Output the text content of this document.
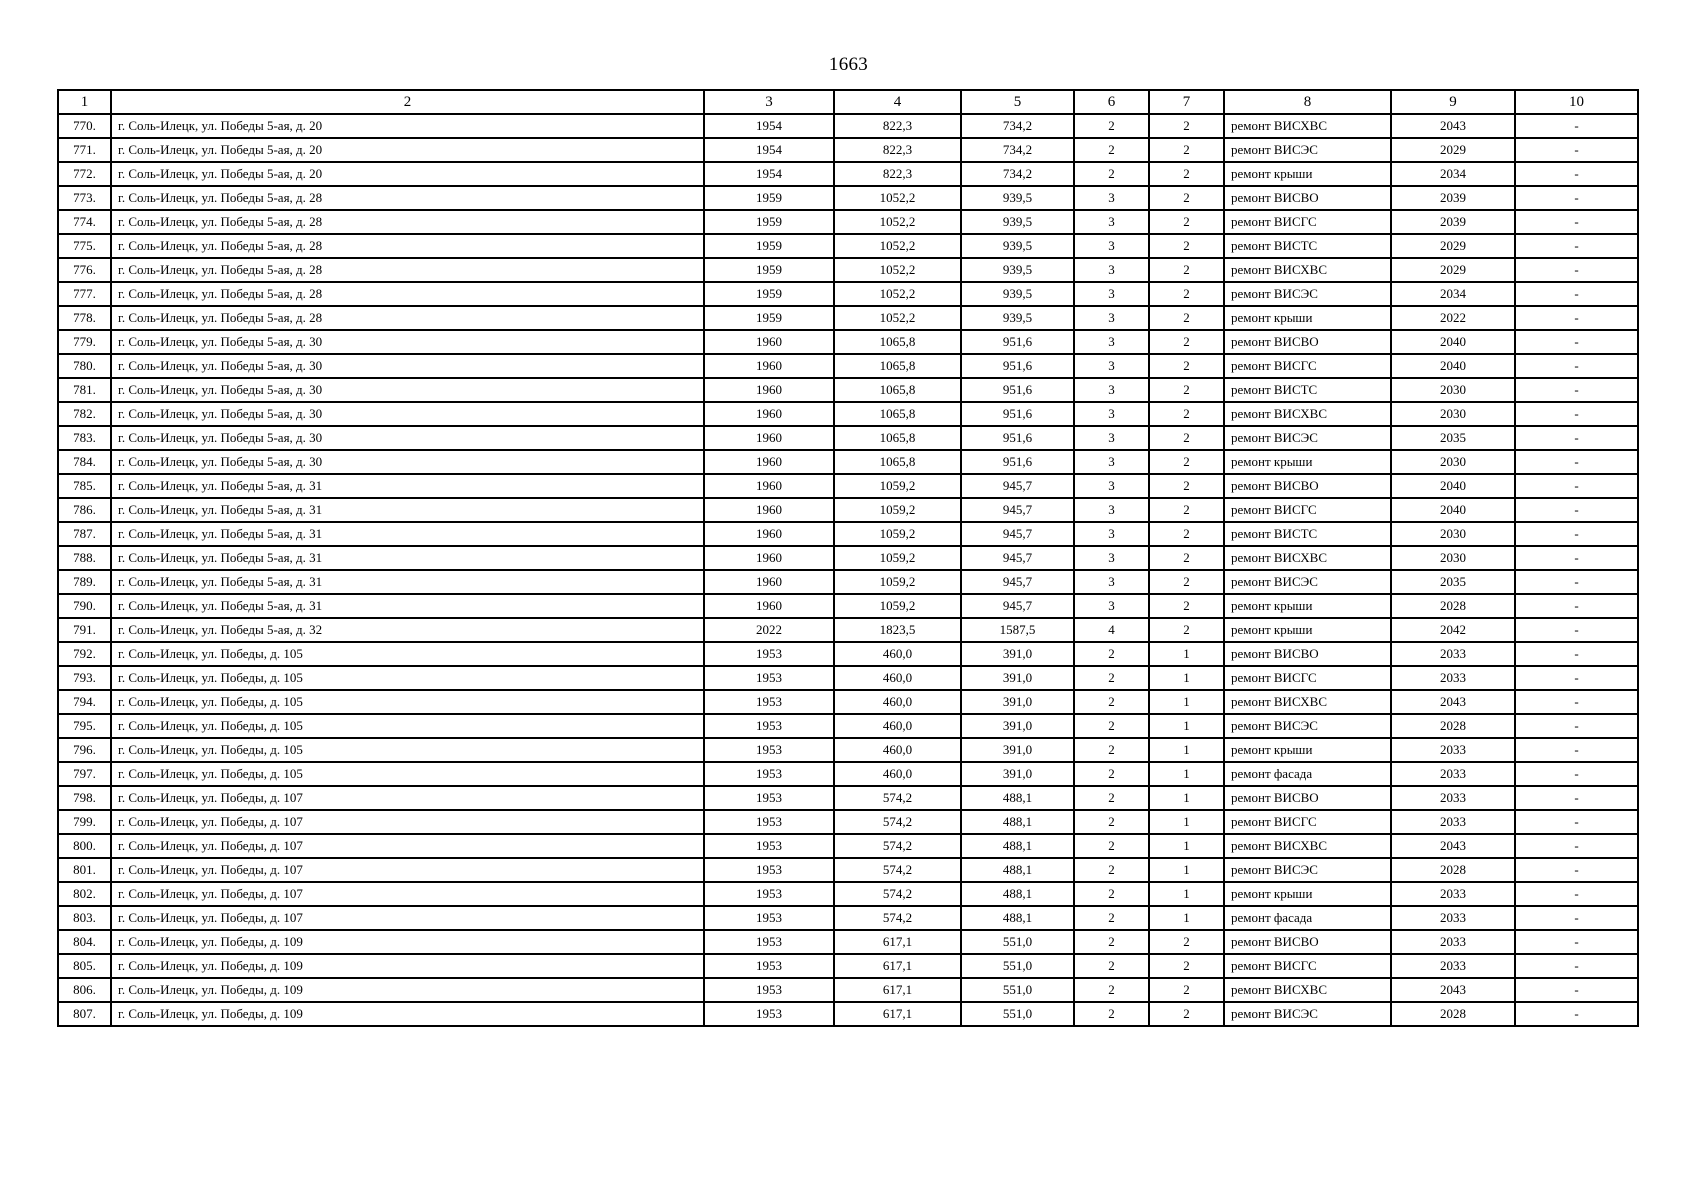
1663
1	2	3	4	5	6	7	8	9	10
770.	г. Соль-Илецк, ул. Победы 5-ая, д. 20	1954	822,3	734,2	2	2	ремонт ВИСХВС	2043	-
771.	г. Соль-Илецк, ул. Победы 5-ая, д. 20	1954	822,3	734,2	2	2	ремонт ВИСЭС	2029	-
772.	г. Соль-Илецк, ул. Победы 5-ая, д. 20	1954	822,3	734,2	2	2	ремонт крыши	2034	-
773.	г. Соль-Илецк, ул. Победы 5-ая, д. 28	1959	1052,2	939,5	3	2	ремонт ВИСВО	2039	-
774.	г. Соль-Илецк, ул. Победы 5-ая, д. 28	1959	1052,2	939,5	3	2	ремонт ВИСГС	2039	-
775.	г. Соль-Илецк, ул. Победы 5-ая, д. 28	1959	1052,2	939,5	3	2	ремонт ВИСТС	2029	-
776.	г. Соль-Илецк, ул. Победы 5-ая, д. 28	1959	1052,2	939,5	3	2	ремонт ВИСХВС	2029	-
777.	г. Соль-Илецк, ул. Победы 5-ая, д. 28	1959	1052,2	939,5	3	2	ремонт ВИСЭС	2034	-
778.	г. Соль-Илецк, ул. Победы 5-ая, д. 28	1959	1052,2	939,5	3	2	ремонт крыши	2022	-
779.	г. Соль-Илецк, ул. Победы 5-ая, д. 30	1960	1065,8	951,6	3	2	ремонт ВИСВО	2040	-
780.	г. Соль-Илецк, ул. Победы 5-ая, д. 30	1960	1065,8	951,6	3	2	ремонт ВИСГС	2040	-
781.	г. Соль-Илецк, ул. Победы 5-ая, д. 30	1960	1065,8	951,6	3	2	ремонт ВИСТС	2030	-
782.	г. Соль-Илецк, ул. Победы 5-ая, д. 30	1960	1065,8	951,6	3	2	ремонт ВИСХВС	2030	-
783.	г. Соль-Илецк, ул. Победы 5-ая, д. 30	1960	1065,8	951,6	3	2	ремонт ВИСЭС	2035	-
784.	г. Соль-Илецк, ул. Победы 5-ая, д. 30	1960	1065,8	951,6	3	2	ремонт крыши	2030	-
785.	г. Соль-Илецк, ул. Победы 5-ая, д. 31	1960	1059,2	945,7	3	2	ремонт ВИСВО	2040	-
786.	г. Соль-Илецк, ул. Победы 5-ая, д. 31	1960	1059,2	945,7	3	2	ремонт ВИСГС	2040	-
787.	г. Соль-Илецк, ул. Победы 5-ая, д. 31	1960	1059,2	945,7	3	2	ремонт ВИСТС	2030	-
788.	г. Соль-Илецк, ул. Победы 5-ая, д. 31	1960	1059,2	945,7	3	2	ремонт ВИСХВС	2030	-
789.	г. Соль-Илецк, ул. Победы 5-ая, д. 31	1960	1059,2	945,7	3	2	ремонт ВИСЭС	2035	-
790.	г. Соль-Илецк, ул. Победы 5-ая, д. 31	1960	1059,2	945,7	3	2	ремонт крыши	2028	-
791.	г. Соль-Илецк, ул. Победы 5-ая, д. 32	2022	1823,5	1587,5	4	2	ремонт крыши	2042	-
792.	г. Соль-Илецк, ул. Победы, д. 105	1953	460,0	391,0	2	1	ремонт ВИСВО	2033	-
793.	г. Соль-Илецк, ул. Победы, д. 105	1953	460,0	391,0	2	1	ремонт ВИСГС	2033	-
794.	г. Соль-Илецк, ул. Победы, д. 105	1953	460,0	391,0	2	1	ремонт ВИСХВС	2043	-
795.	г. Соль-Илецк, ул. Победы, д. 105	1953	460,0	391,0	2	1	ремонт ВИСЭС	2028	-
796.	г. Соль-Илецк, ул. Победы, д. 105	1953	460,0	391,0	2	1	ремонт крыши	2033	-
797.	г. Соль-Илецк, ул. Победы, д. 105	1953	460,0	391,0	2	1	ремонт фасада	2033	-
798.	г. Соль-Илецк, ул. Победы, д. 107	1953	574,2	488,1	2	1	ремонт ВИСВО	2033	-
799.	г. Соль-Илецк, ул. Победы, д. 107	1953	574,2	488,1	2	1	ремонт ВИСГС	2033	-
800.	г. Соль-Илецк, ул. Победы, д. 107	1953	574,2	488,1	2	1	ремонт ВИСХВС	2043	-
801.	г. Соль-Илецк, ул. Победы, д. 107	1953	574,2	488,1	2	1	ремонт ВИСЭС	2028	-
802.	г. Соль-Илецк, ул. Победы, д. 107	1953	574,2	488,1	2	1	ремонт крыши	2033	-
803.	г. Соль-Илецк, ул. Победы, д. 107	1953	574,2	488,1	2	1	ремонт фасада	2033	-
804.	г. Соль-Илецк, ул. Победы, д. 109	1953	617,1	551,0	2	2	ремонт ВИСВО	2033	-
805.	г. Соль-Илецк, ул. Победы, д. 109	1953	617,1	551,0	2	2	ремонт ВИСГС	2033	-
806.	г. Соль-Илецк, ул. Победы, д. 109	1953	617,1	551,0	2	2	ремонт ВИСХВС	2043	-
807.	г. Соль-Илецк, ул. Победы, д. 109	1953	617,1	551,0	2	2	ремонт ВИСЭС	2028	-
